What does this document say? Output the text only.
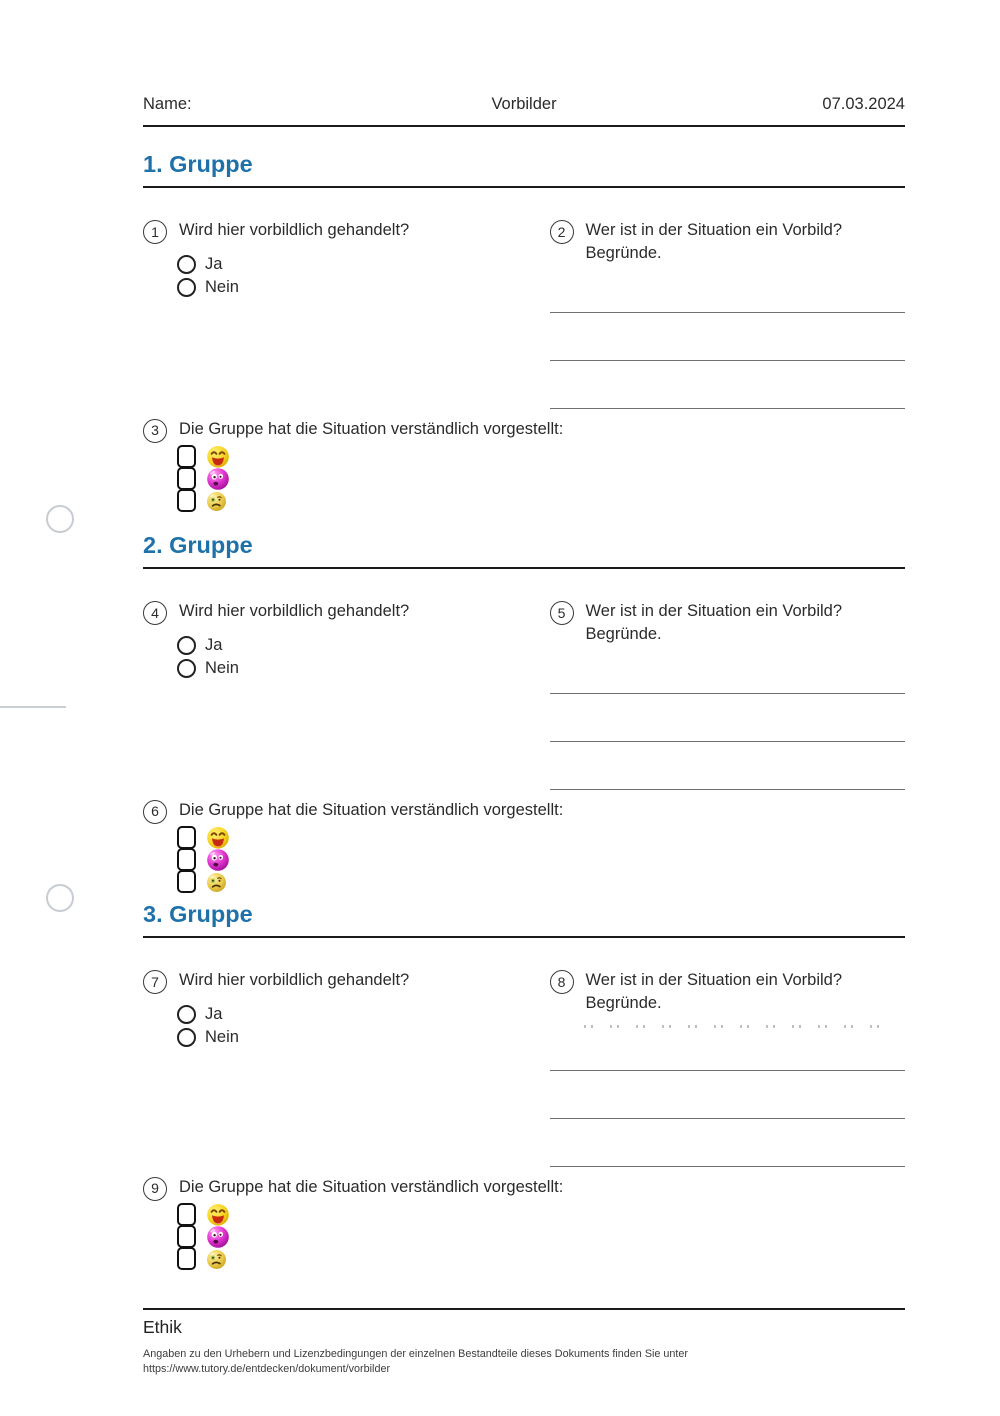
Name:	Vorbilder	07.03.2024
1. Gruppe
1	Wird hier vorbildlich gehandelt?
Ja
Nein
2	Wer ist in der Situation ein Vorbild?
Begründe.
3	Die Gruppe hat die Situation verständlich vorgestellt:
2. Gruppe
4	Wird hier vorbildlich gehandelt?
Ja
Nein
5	Wer ist in der Situation ein Vorbild?
Begründe.
6	Die Gruppe hat die Situation verständlich vorgestellt:
3. Gruppe
7	Wird hier vorbildlich gehandelt?
Ja
Nein
8	Wer ist in der Situation ein Vorbild?
Begründe.
9	Die Gruppe hat die Situation verständlich vorgestellt:
Ethik
Angaben zu den Urhebern und Lizenzbedingungen der einzelnen Bestandteile dieses Dokuments finden Sie unter
https://www.tutory.de/entdecken/dokument/vorbilder
